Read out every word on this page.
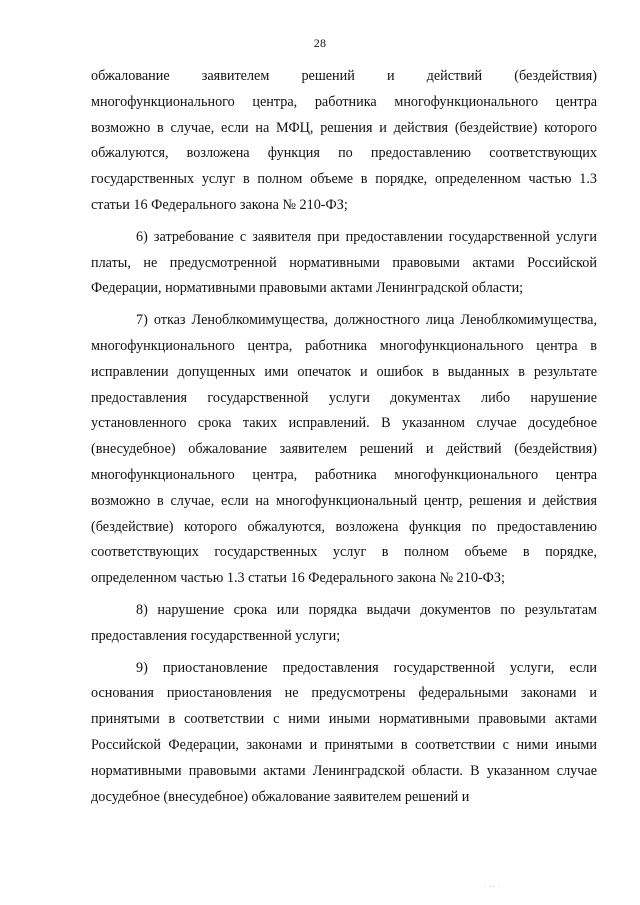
28

обжалование заявителем решений и действий (бездействия) многофункционального центра, работника многофункционального центра возможно в случае, если на МФЦ, решения и действия (бездействие) которого обжалуются, возложена функция по предоставлению соответствующих государственных услуг в полном объеме в порядке, определенном частью 1.3 статьи 16 Федерального закона № 210-ФЗ;

6) затребование с заявителя при предоставлении государственной услуги платы, не предусмотренной нормативными правовыми актами Российской Федерации, нормативными правовыми актами Ленинградской области;

7) отказ Леноблкомимущества, должностного лица Леноблкомимущества, многофункционального центра, работника многофункционального центра в исправлении допущенных ими опечаток и ошибок в выданных в результате предоставления государственной услуги документах либо нарушение установленного срока таких исправлений. В указанном случае досудебное (внесудебное) обжалование заявителем решений и действий (бездействия) многофункционального центра, работника многофункционального центра возможно в случае, если на многофункциональный центр, решения и действия (бездействие) которого обжалуются, возложена функция по предоставлению соответствующих государственных услуг в полном объеме в порядке, определенном частью 1.3 статьи 16 Федерального закона № 210-ФЗ;

8) нарушение срока или порядка выдачи документов по результатам предоставления государственной услуги;

9) приостановление предоставления государственной услуги, если основания приостановления не предусмотрены федеральными законами и принятыми в соответствии с ними иными нормативными правовыми актами Российской Федерации, законами и принятыми в соответствии с ними иными нормативными правовыми актами Ленинградской области. В указанном случае досудебное (внесудебное) обжалование заявителем решений и

· ·· ·
